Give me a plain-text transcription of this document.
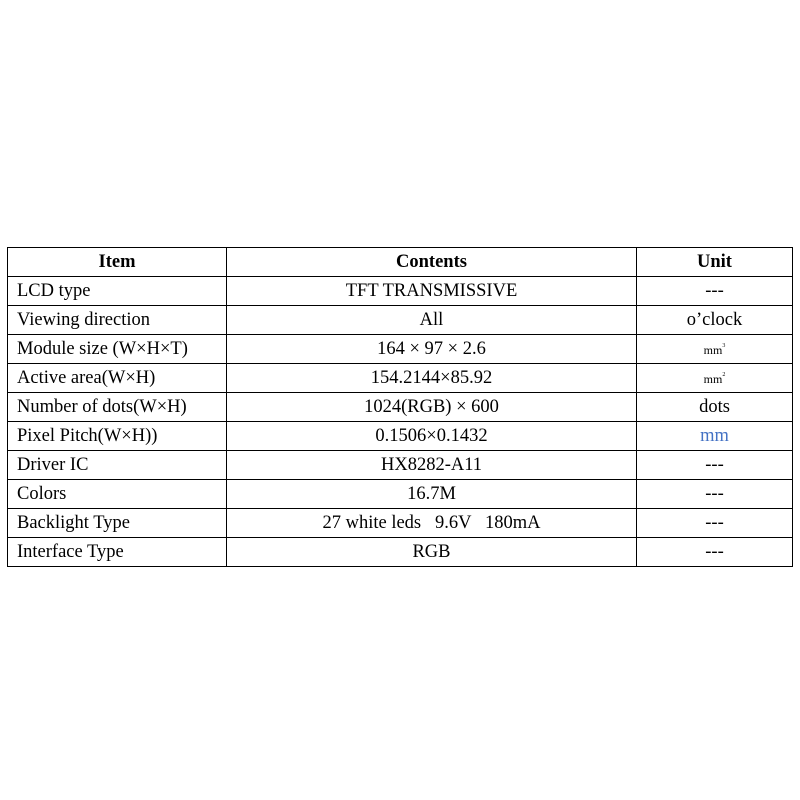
Item	Contents	Unit
LCD type	TFT TRANSMISSIVE	---
Viewing direction	All	o’clock
Module size (W×H×T)	164 × 97 × 2.6	$mm^3$
Active area(W×H)	154.2144×85.92	$mm^2$
Number of dots(W×H)	1024(RGB) × 600	dots
Pixel Pitch(W×H))	0.1506×0.1432	mm
Driver IC	HX8282-A11	---
Colors	16.7M	---
Backlight Type	27 white leds   9.6V   180mA	---
Interface Type	RGB	---
